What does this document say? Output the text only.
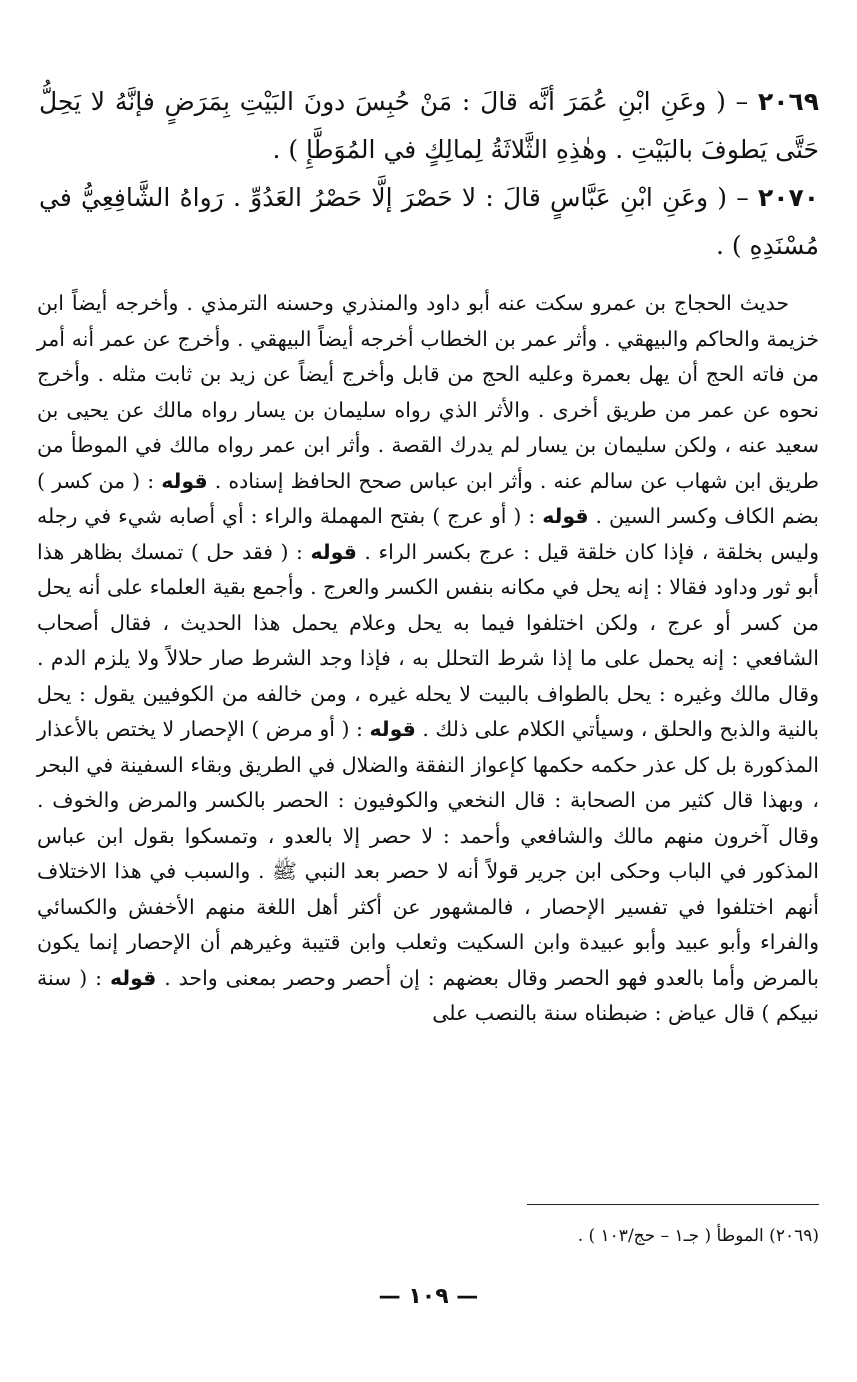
٢٠٦٩ – ( وعَنِ ابْنِ عُمَرَ أنَّه قالَ : مَنْ حُبِسَ دونَ البَيْتِ بِمَرَضٍ فإنَّهُ لا يَحِلُّ حَتَّى يَطوفَ بالبَيْتِ . وهٰذِهِ الثَّلاثَةُ لِمالِكٍ في المُوَطَّإِ ) .
٢٠٧٠ – ( وعَنِ ابْنِ عَبَّاسٍ قالَ : لا حَصْرَ إلَّا حَصْرُ العَدُوِّ . رَواهُ الشَّافِعِيُّ في مُسْنَدِهِ ) .

حديث الحجاج بن عمرو سكت عنه أبو داود والمنذري وحسنه الترمذي . وأخرجه أيضاً ابن خزيمة والحاكم والبيهقي . وأثر عمر بن الخطاب أخرجه أيضاً البيهقي . وأخرج عن عمر أنه أمر من فاته الحج أن يهل بعمرة وعليه الحج من قابل وأخرج أيضاً عن زيد بن ثابت مثله . وأخرج نحوه عن عمر من طريق أخرى . والأثر الذي رواه سليمان بن يسار رواه مالك عن يحيى بن سعيد عنه ، ولكن سليمان بن يسار لم يدرك القصة . وأثر ابن عمر رواه مالك في الموطأ من طريق ابن شهاب عن سالم عنه . وأثر ابن عباس صحح الحافظ إسناده . قوله : ( من كسر ) بضم الكاف وكسر السين . قوله : ( أو عرج ) بفتح المهملة والراء : أي أصابه شيء في رجله وليس بخلقة ، فإذا كان خلقة قيل : عرج بكسر الراء . قوله : ( فقد حل ) تمسك بظاهر هذا أبو ثور وداود فقالا : إنه يحل في مكانه بنفس الكسر والعرج . وأجمع بقية العلماء على أنه يحل من كسر أو عرج ، ولكن اختلفوا فيما به يحل وعلام يحمل هذا الحديث ، فقال أصحاب الشافعي : إنه يحمل على ما إذا شرط التحلل به ، فإذا وجد الشرط صار حلالاً ولا يلزم الدم . وقال مالك وغيره : يحل بالطواف بالبيت لا يحله غيره ، ومن خالفه من الكوفيين يقول : يحل بالنية والذبح والحلق ، وسيأتي الكلام على ذلك . قوله : ( أو مرض ) الإحصار لا يختص بالأعذار المذكورة بل كل عذر حكمه حكمها كإعواز النفقة والضلال في الطريق وبقاء السفينة في البحر ، وبهذا قال كثير من الصحابة : قال النخعي والكوفيون : الحصر بالكسر والمرض والخوف . وقال آخرون منهم مالك والشافعي وأحمد : لا حصر إلا بالعدو ، وتمسكوا بقول ابن عباس المذكور في الباب وحكى ابن جرير قولاً أنه لا حصر بعد النبي ﷺ . والسبب في هذا الاختلاف أنهم اختلفوا في تفسير الإحصار ، فالمشهور عن أكثر أهل اللغة منهم الأخفش والكسائي والفراء وأبو عبيد وأبو عبيدة وابن السكيت وثعلب وابن قتيبة وغيرهم أن الإحصار إنما يكون بالمرض وأما بالعدو فهو الحصر وقال بعضهم : إن أحصر وحصر بمعنى واحد . قوله : ( سنة نبيكم ) قال عياض : ضبطناه سنة بالنصب على

(٢٠٦٩) الموطأ ( جـ١ – حج/١٠٣ ) .
— ١٠٩ —
